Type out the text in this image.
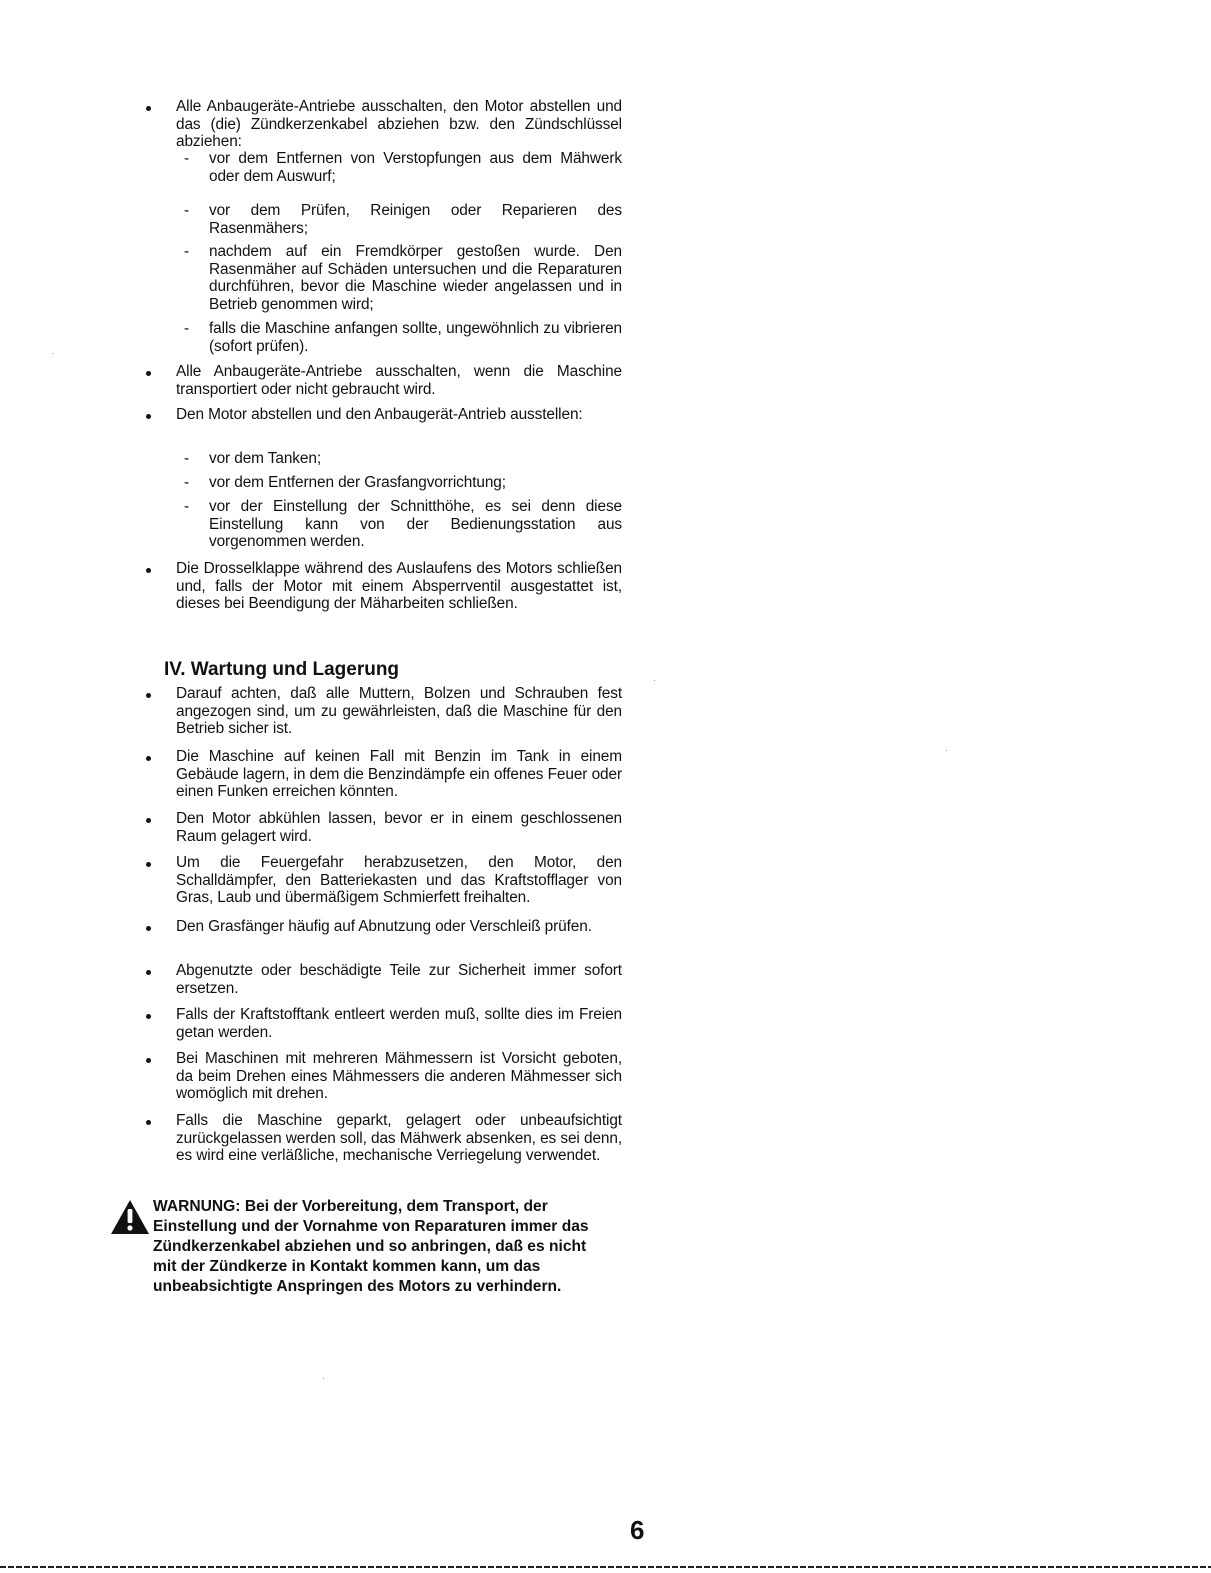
Alle Anbaugeräte-Antriebe ausschalten, den Motor abstellen und das (die) Zündkerzenkabel abziehen bzw. den Zündschlüssel abziehen:
- vor dem Entfernen von Verstopfungen aus dem Mähwerk oder dem Auswurf;
- vor dem Prüfen, Reinigen oder Reparieren des Rasenmähers;
- nachdem auf ein Fremdkörper gestoßen wurde. Den Rasenmäher auf Schäden untersuchen und die Reparaturen durchführen, bevor die Maschine wieder angelassen und in Betrieb genommen wird;
- falls die Maschine anfangen sollte, ungewöhnlich zu vibrieren (sofort prüfen).
Alle Anbaugeräte-Antriebe ausschalten, wenn die Maschine transportiert oder nicht gebraucht wird.
Den Motor abstellen und den Anbaugerät-Antrieb ausstellen:
- vor dem Tanken;
- vor dem Entfernen der Grasfangvorrichtung;
- vor der Einstellung der Schnitthöhe, es sei denn diese Einstellung kann von der Bedienungsstation aus vorgenommen werden.
Die Drosselklappe während des Auslaufens des Motors schließen und, falls der Motor mit einem Absperrventil ausgestattet ist, dieses bei Beendigung der Mäharbeiten schließen.
IV. Wartung und Lagerung
Darauf achten, daß alle Muttern, Bolzen und Schrauben fest angezogen sind, um zu gewährleisten, daß die Maschine für den Betrieb sicher ist.
Die Maschine auf keinen Fall mit Benzin im Tank in einem Gebäude lagern, in dem die Benzindämpfe ein offenes Feuer oder einen Funken erreichen könnten.
Den Motor abkühlen lassen, bevor er in einem geschlossenen Raum gelagert wird.
Um die Feuergefahr herabzusetzen, den Motor, den Schalldämpfer, den Batteriekasten und das Kraftstofflager von Gras, Laub und übermäßigem Schmierfett freihalten.
Den Grasfänger häufig auf Abnutzung oder Verschleiß prüfen.
Abgenutzte oder beschädigte Teile zur Sicherheit immer sofort ersetzen.
Falls der Kraftstofftank entleert werden muß, sollte dies im Freien getan werden.
Bei Maschinen mit mehreren Mähmessern ist Vorsicht geboten, da beim Drehen eines Mähmessers die anderen Mähmesser sich womöglich mit drehen.
Falls die Maschine geparkt, gelagert oder unbeaufsichtigt zurückgelassen werden soll, das Mähwerk absenken, es sei denn, es wird eine verläßliche, mechanische Verriegelung verwendet.
WARNUNG: Bei der Vorbereitung, dem Transport, der Einstellung und der Vornahme von Reparaturen immer das Zündkerzenkabel abziehen und so anbringen, daß es nicht mit der Zündkerze in Kontakt kommen kann, um das unbeabsichtigte Anspringen des Motors zu verhindern.
6
